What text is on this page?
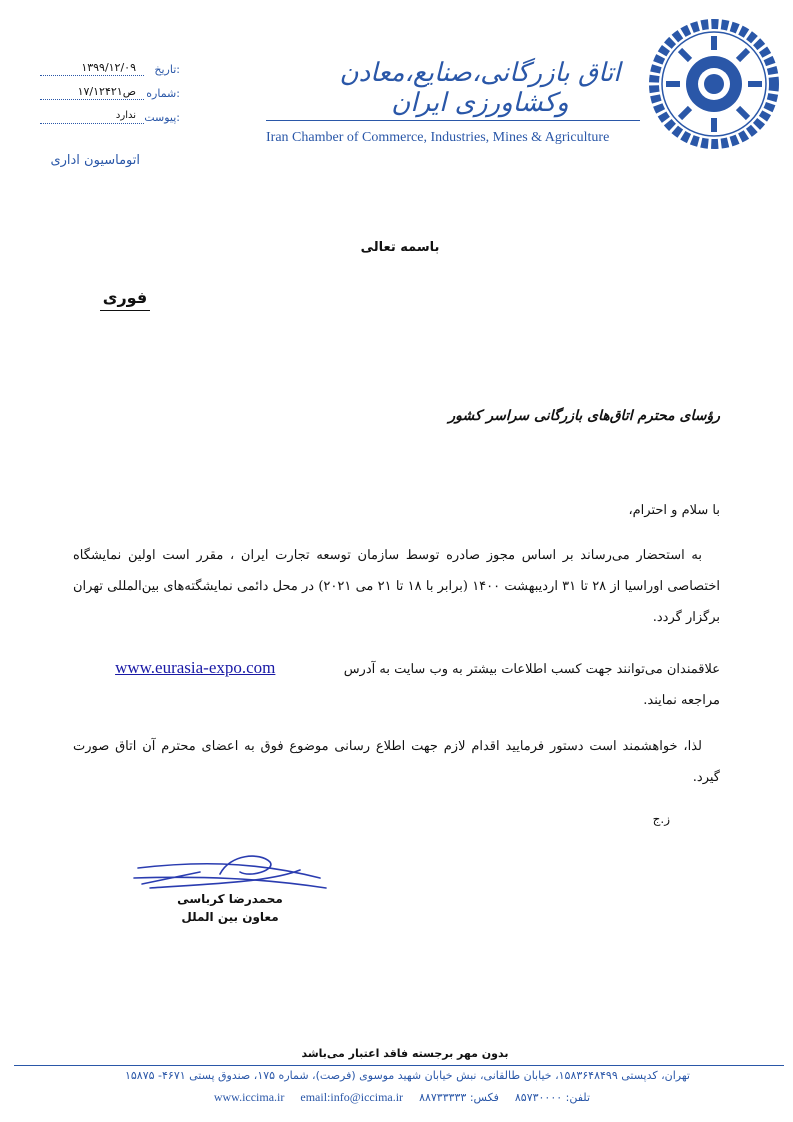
تاریخ:
۱۳۹۹/۱۲/۰۹
شماره:
۱۷/۱۲۴۲۱ص
پیوست:
ندارد
اتوماسیون اداری
اتاق بازرگانی،صنایع،معادن وکشاورزی ایران
Iran Chamber of Commerce, Industries, Mines & Agriculture
باسمه تعالی
فوری
رؤسای محترم اتاق‌های بازرگانی سراسر کشور
با سلام و احترام،
به استحضار می‌رساند بر اساس مجوز صادره توسط سازمان توسعه تجارت ایران ، مقرر است اولین نمایشگاه اختصاصی اوراسیا از ۲۸ تا ۳۱ اردیبهشت ۱۴۰۰ (برابر با ۱۸ تا ۲۱ می ۲۰۲۱) در محل دائمی نمایشگته‌های بین‌المللی تهران برگزار گردد.
علاقمندان می‌توانند جهت کسب اطلاعات بیشتر به وب سایت به آدرس  www.eurasia-expo.com
مراجعه نمایند.
لذا، خواهشمند است دستور فرمایید اقدام لازم جهت اطلاع رسانی موضوع فوق به اعضای محترم آن اتاق صورت گیرد.
ز.ج
محمدرضا کرباسی
معاون بین الملل
بدون مهر برجسته فاقد اعتبار می‌باشد
تهران، کدپستی ۱۵۸۳۶۴۸۴۹۹، خیابان طالقانی، نبش خیابان شهید موسوی (فرصت)، شماره ۱۷۵، صندوق پستی ۴۶۷۱- ۱۵۸۷۵
تلفن: ۸۵۷۳۰۰۰۰
فکس: ۸۸۷۳۳۳۳۳
email:info@iccima.ir
www.iccima.ir
